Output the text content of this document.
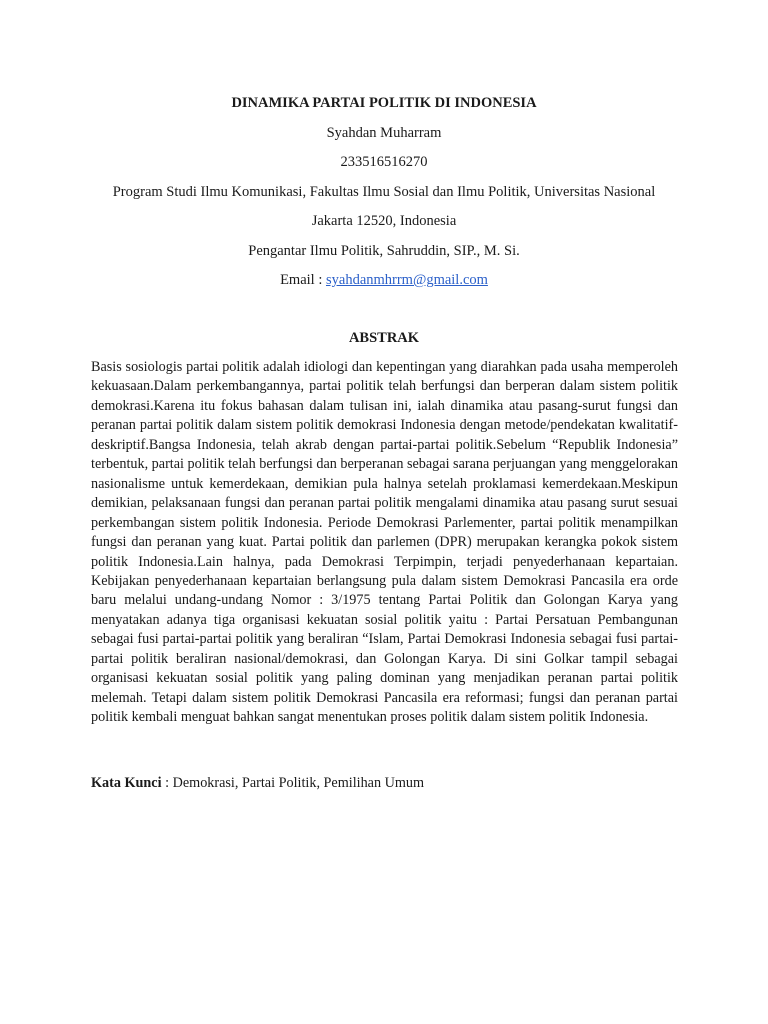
DINAMIKA PARTAI POLITIK DI INDONESIA

Syahdan Muharram

233516516270

Program Studi Ilmu Komunikasi, Fakultas Ilmu Sosial dan Ilmu Politik, Universitas Nasional

Jakarta 12520, Indonesia

Pengantar Ilmu Politik, Sahruddin, SIP., M. Si.

Email : syahdanmhrrm@gmail.com

ABSTRAK

Basis sosiologis partai politik adalah idiologi dan kepentingan yang diarahkan pada usaha memperoleh kekuasaan.Dalam perkembangannya, partai politik telah berfungsi dan berperan dalam sistem politik demokrasi.Karena itu fokus bahasan dalam tulisan ini, ialah dinamika atau pasang-surut fungsi dan peranan partai politik dalam sistem politik demokrasi Indonesia dengan metode/pendekatan kwalitatif-deskriptif.Bangsa Indonesia, telah akrab dengan partai-partai politik.Sebelum “Republik Indonesia” terbentuk, partai politik telah berfungsi dan berperanan sebagai sarana perjuangan yang menggelorakan nasionalisme untuk kemerdekaan, demikian pula halnya setelah proklamasi kemerdekaan.Meskipun demikian, pelaksanaan fungsi dan peranan partai politik mengalami dinamika atau pasang surut sesuai perkembangan sistem politik Indonesia. Periode Demokrasi Parlementer, partai politik menampilkan fungsi dan peranan yang kuat. Partai politik dan parlemen (DPR) merupakan kerangka pokok sistem politik Indonesia.Lain halnya, pada Demokrasi Terpimpin, terjadi penyederhanaan kepartaian. Kebijakan penyederhanaan kepartaian berlangsung pula dalam sistem Demokrasi Pancasila era orde baru melalui undang-undang Nomor : 3/1975 tentang Partai Politik dan Golongan Karya yang menyatakan adanya tiga organisasi kekuatan sosial politik yaitu : Partai Persatuan Pembangunan sebagai fusi partai-partai politik yang beraliran “Islam, Partai Demokrasi Indonesia sebagai fusi partai-partai politik beraliran nasional/demokrasi, dan Golongan Karya. Di sini Golkar tampil sebagai organisasi kekuatan sosial politik yang paling dominan yang menjadikan peranan partai politik melemah. Tetapi dalam sistem politik Demokrasi Pancasila era reformasi; fungsi dan peranan partai politik kembali menguat bahkan sangat menentukan proses politik dalam sistem politik Indonesia.

Kata Kunci : Demokrasi, Partai Politik, Pemilihan Umum
